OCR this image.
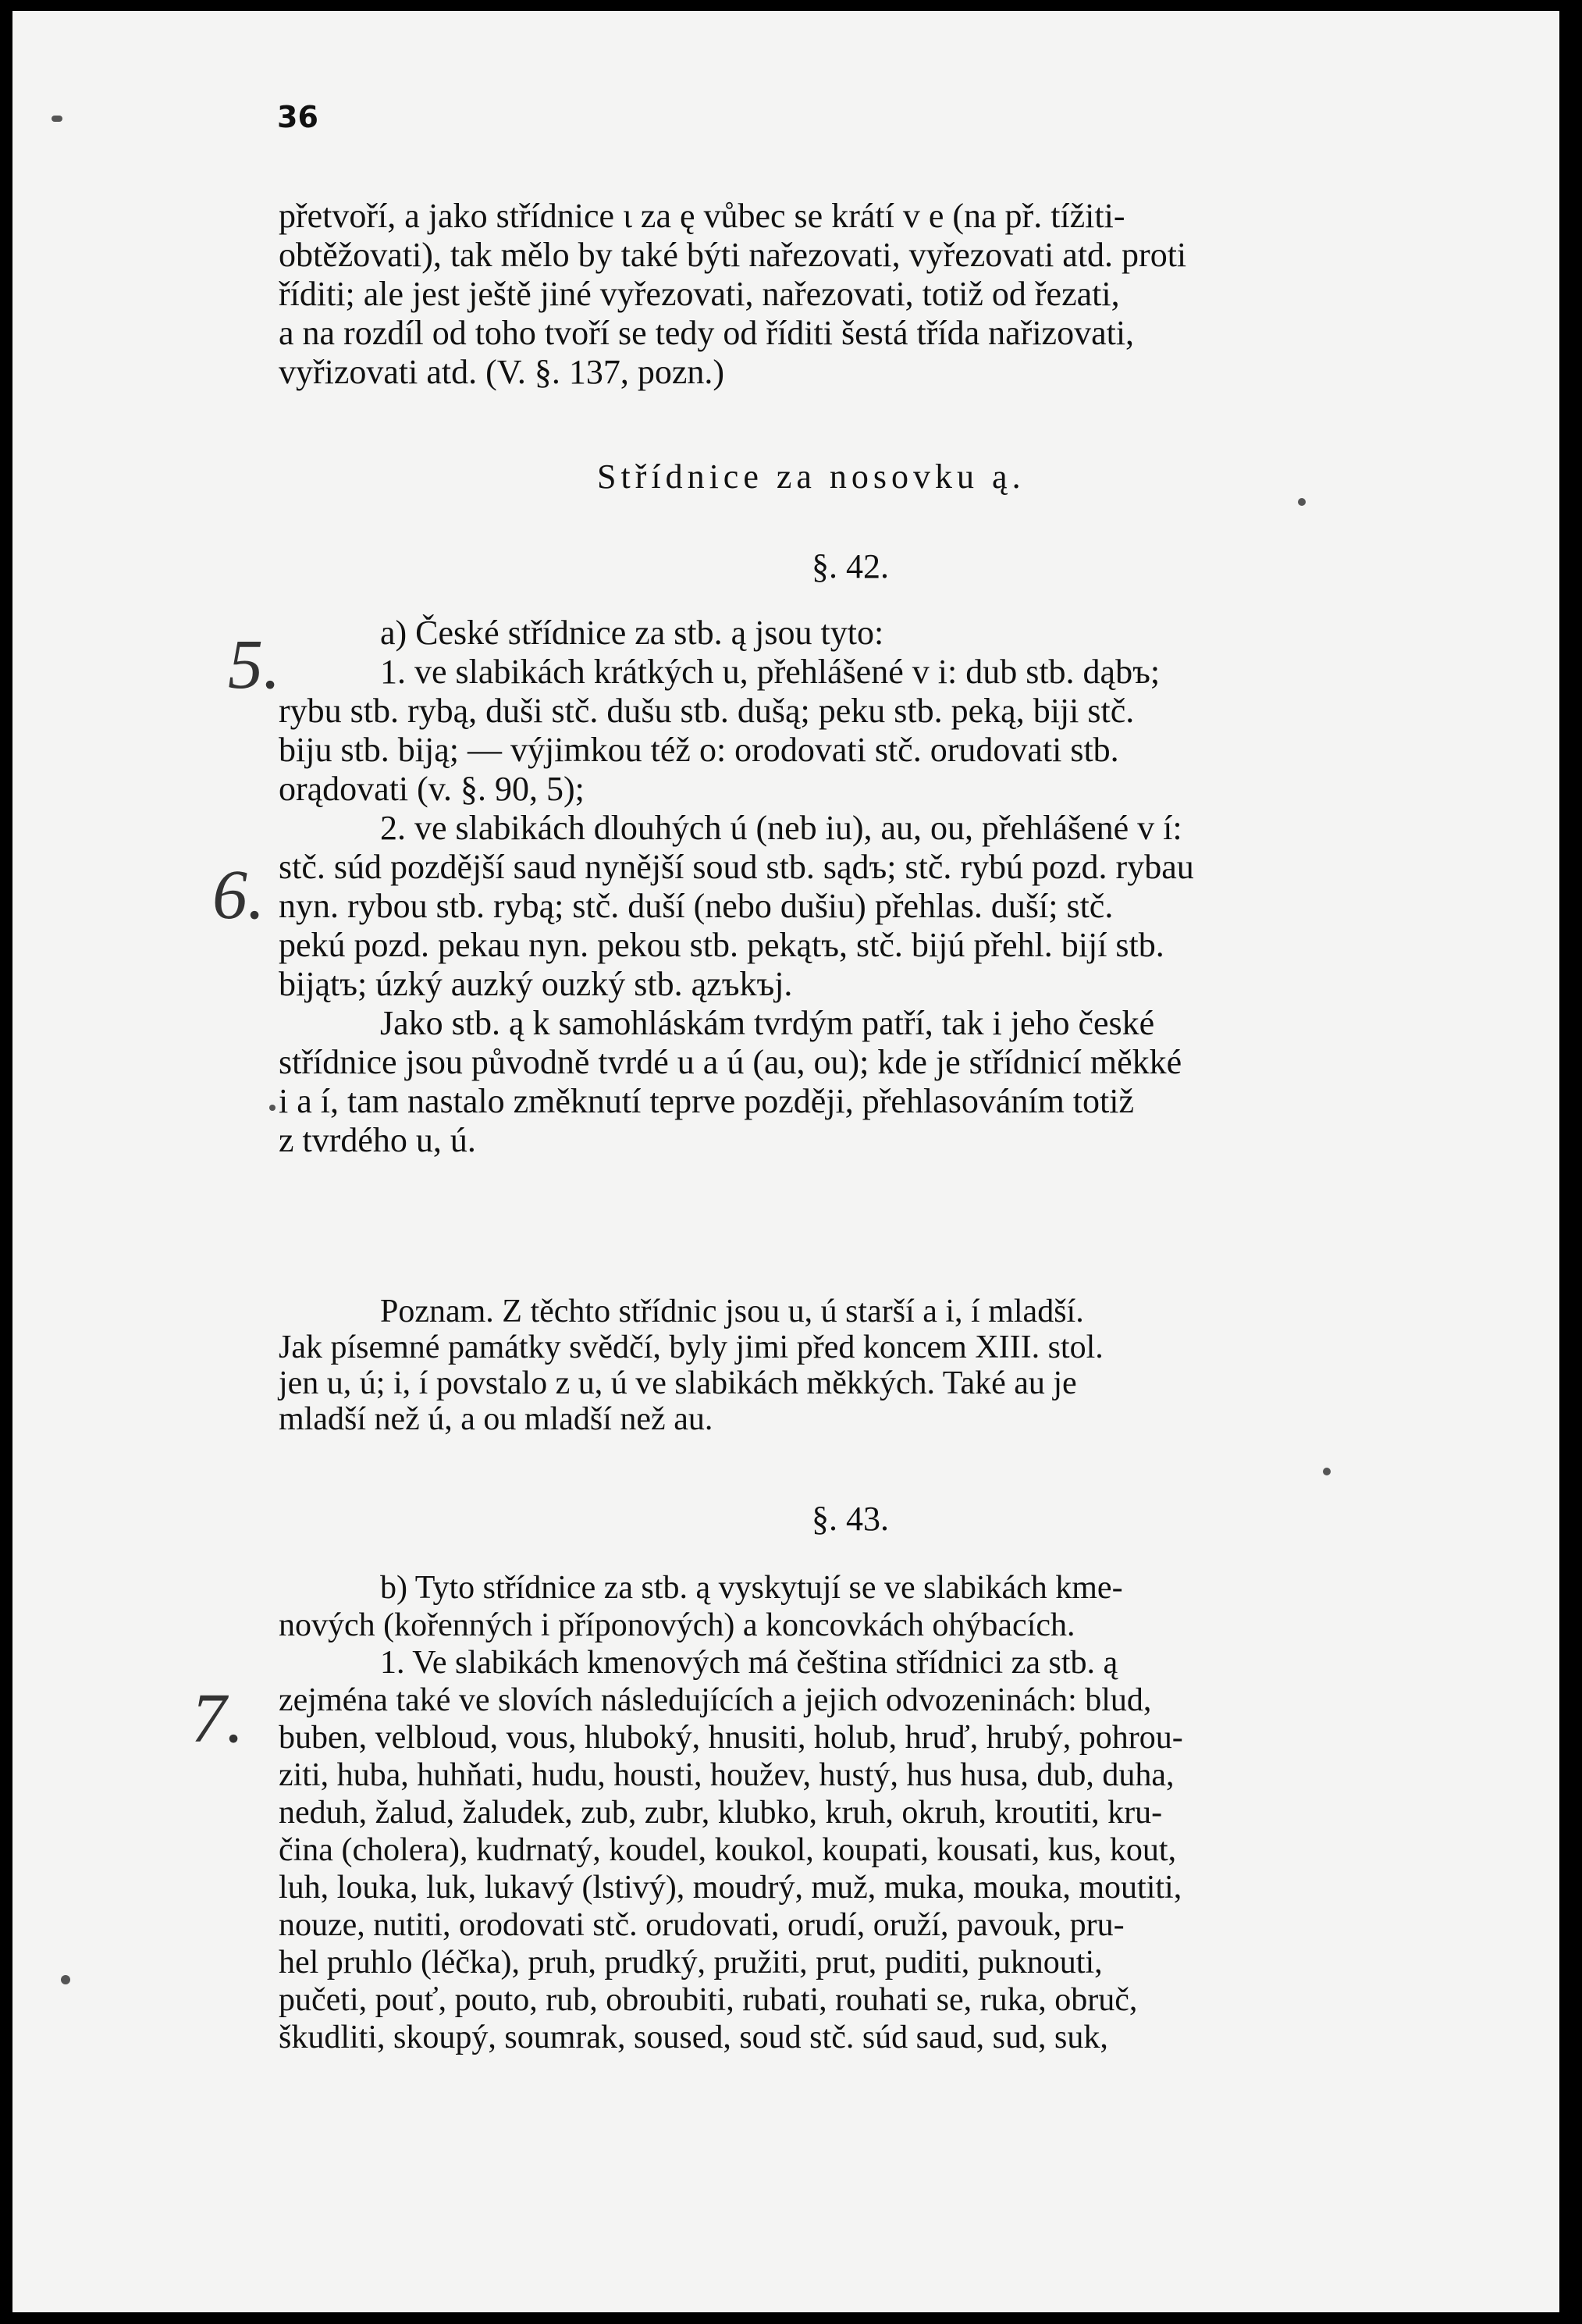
36

přetvoří, a jako střídnice ɩ za ę vůbec se krátí v e (na př. tížiti-

obtěžovati), tak mělo by také býti nařezovati, vyřezovati atd. proti

říditi; ale jest ještě jiné vyřezovati, nařezovati, totiž od řezati,

a na rozdíl od toho tvoří se tedy od říditi šestá třída nařizovati,

vyřizovati atd. (V. §. 137, pozn.)

Střídnice za nosovku ą.
§. 42.

a) České střídnice za stb. ą jsou tyto:

1. ve slabikách krátkých u, přehlášené v i: dub stb. dąbъ;

rybu stb. rybą, duši stč. dušu stb. dušą; peku stb. peką, biji stč.

biju stb. biją; — výjimkou též o: orodovati stč. orudovati stb.

orądovati (v. §. 90, 5);

2. ve slabikách dlouhých ú (neb iu), au, ou, přehlášené v í:

stč. súd pozdější saud nynější soud stb. sądъ; stč. rybú pozd. rybau

nyn. rybou stb. rybą; stč. duší (nebo dušiu) přehlas. duší; stč.

pekú pozd. pekau nyn. pekou stb. pekątъ, stč. bijú přehl. bijí stb.

bijątъ; úzký auzký ouzký stb. ązъkъj.

Jako stb. ą k samohláskám tvrdým patří, tak i jeho české

střídnice jsou původně tvrdé u a ú (au, ou); kde je střídnicí měkké

i a í, tam nastalo změknutí teprve později, přehlasováním totiž

z tvrdého u, ú.

Poznam. Z těchto střídnic jsou u, ú starší a i, í mladší.

Jak písemné památky svědčí, byly jimi před koncem XIII. stol.

jen u, ú; i, í povstalo z u, ú ve slabikách měkkých. Také au je

mladší než ú, a ou mladší než au.

§. 43.

b) Tyto střídnice za stb. ą vyskytují se ve slabikách kme-

nových (kořenných i příponových) a koncovkách ohýbacích.

1. Ve slabikách kmenových má čeština střídnici za stb. ą

zejména také ve slovích následujících a jejich odvozeninách: blud,

buben, velbloud, vous, hluboký, hnusiti, holub, hruď, hrubý, pohrou-

ziti, huba, huhňati, hudu, housti, houžev, hustý, hus husa, dub, duha,

neduh, žalud, žaludek, zub, zubr, klubko, kruh, okruh, kroutiti, kru-

čina (cholera), kudrnatý, koudel, koukol, koupati, kousati, kus, kout,

luh, louka, luk, lukavý (lstivý), moudrý, muž, muka, mouka, moutiti,

nouze, nutiti, orodovati stč. orudovati, orudí, oruží, pavouk, pru-

hel pruhlo (léčka), pruh, prudký, pružiti, prut, puditi, puknouti,

pučeti, pouť, pouto, rub, obroubiti, rubati, rouhati se, ruka, obruč,

škudliti, skoupý, soumrak, soused, soud stč. súd saud, sud, suk,

5.
6.
7.
